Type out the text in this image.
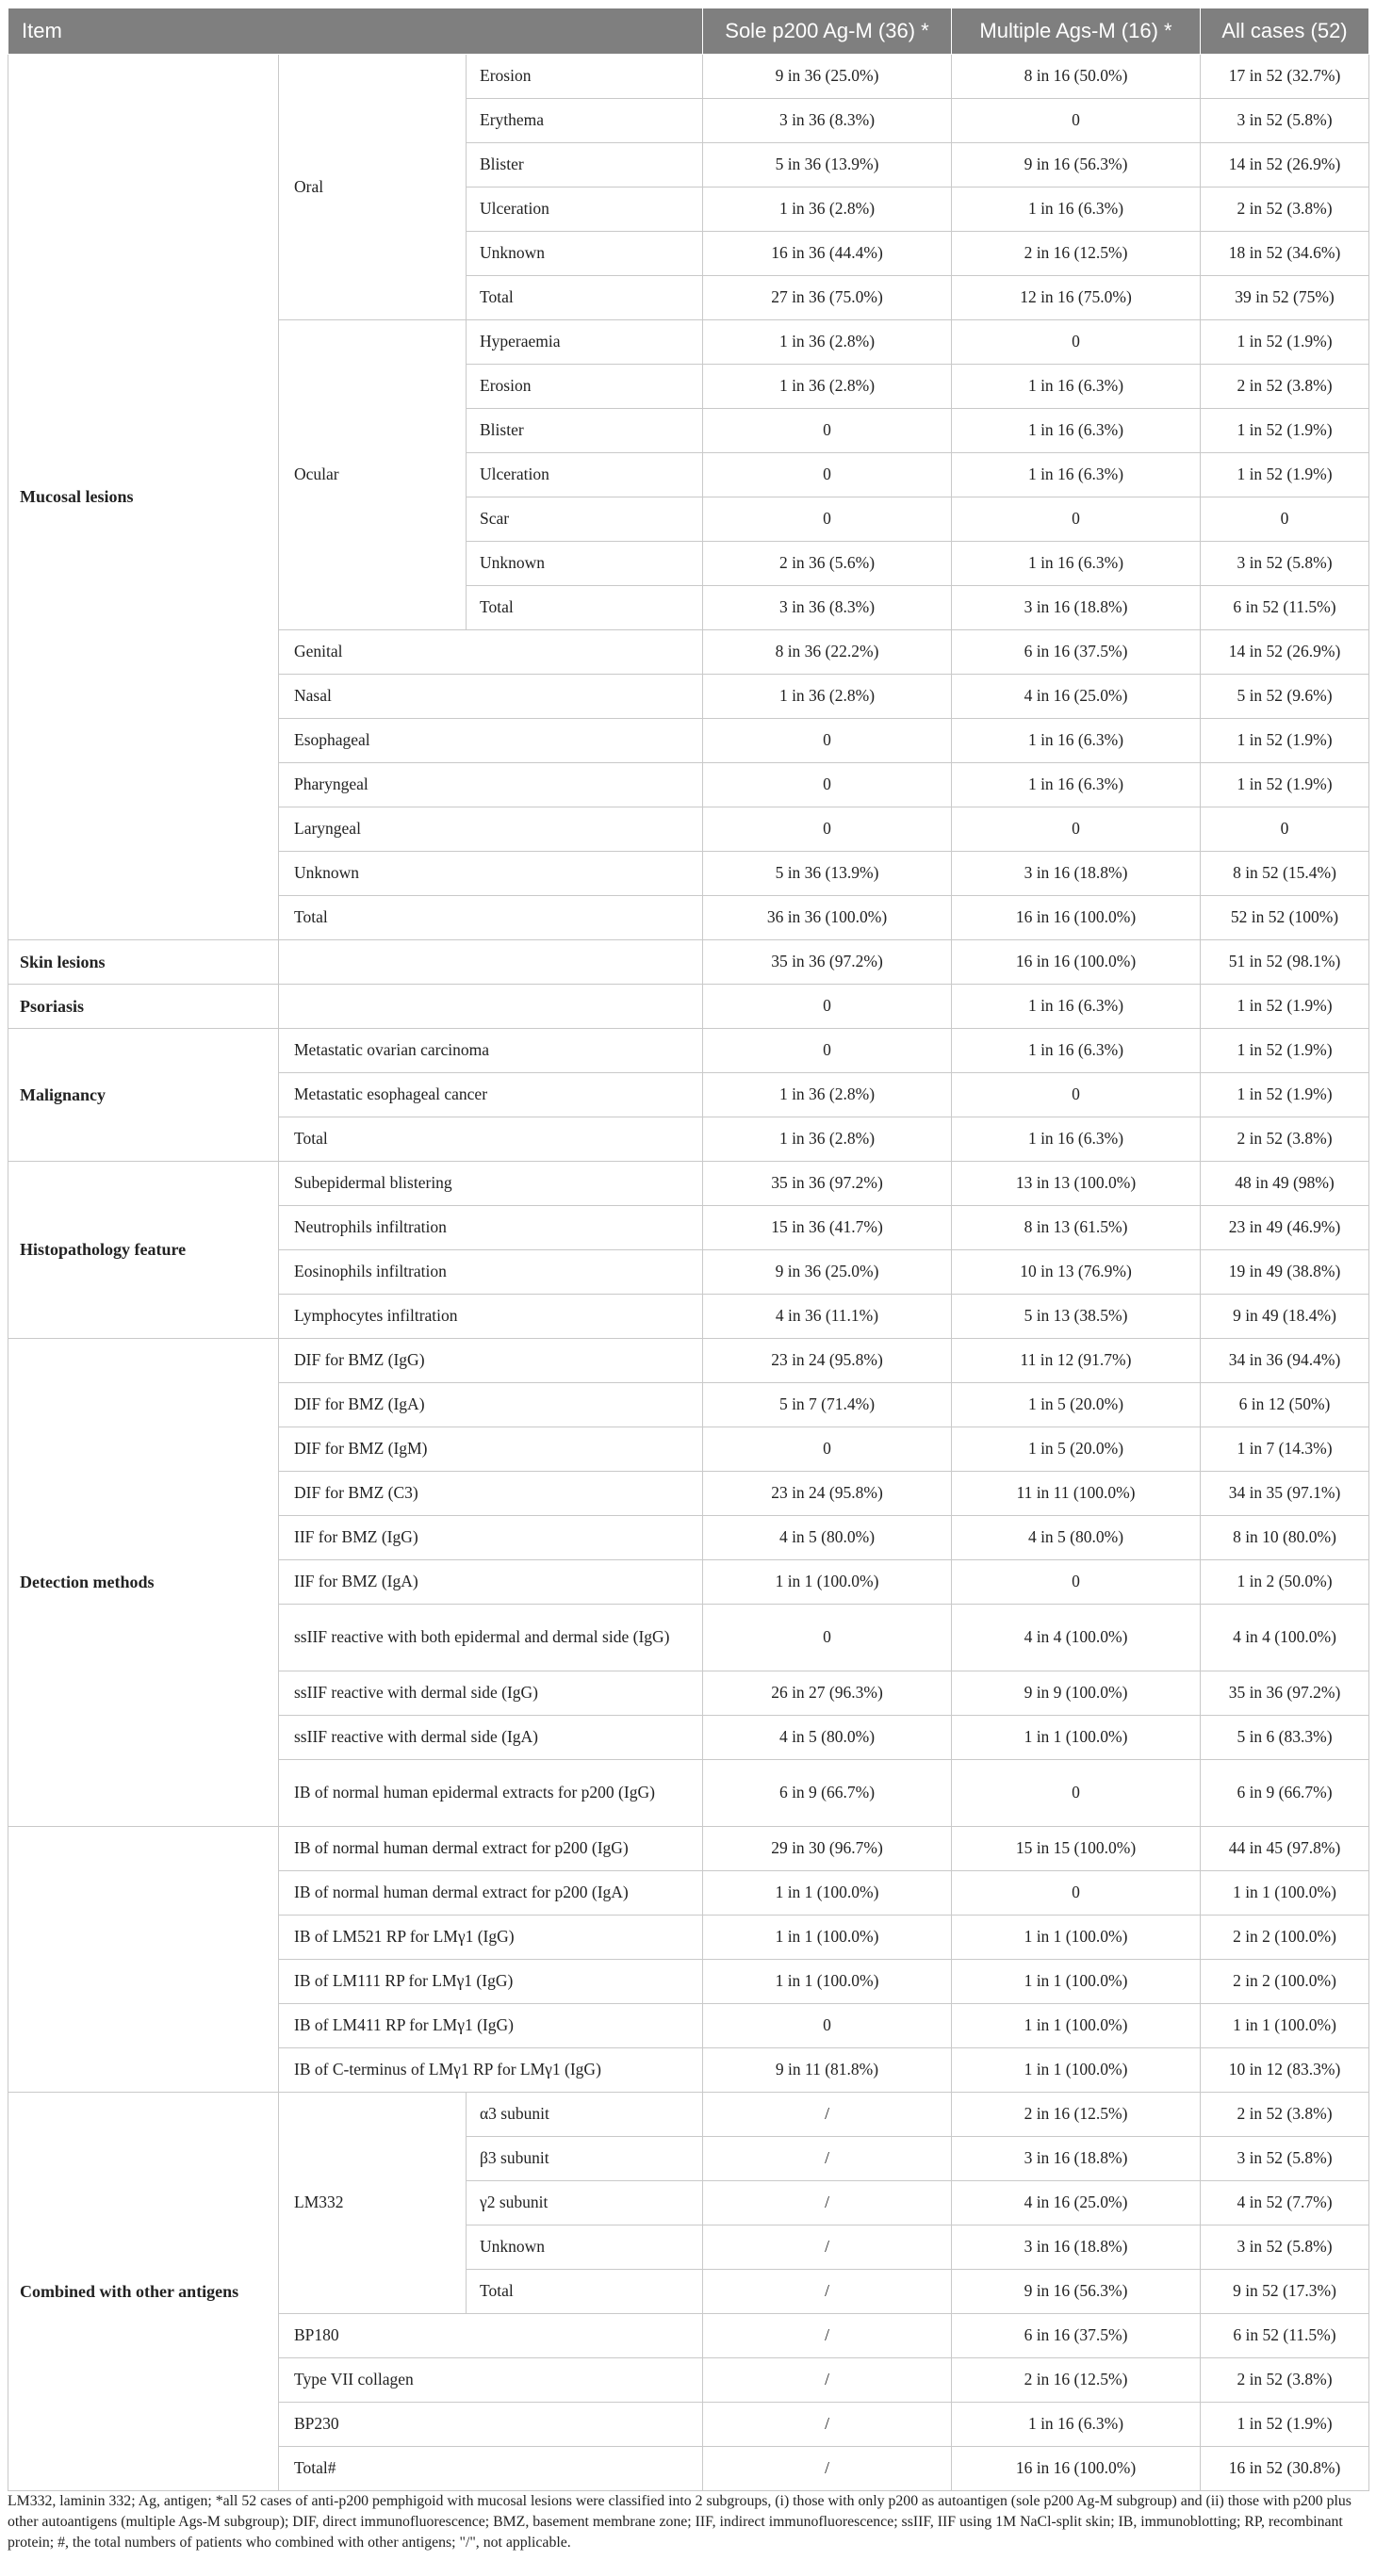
Item			Sole p200 Ag-M (36) *	Multiple Ags-M (16) *	All cases (52)
Mucosal lesions	Oral	Erosion	9 in 36 (25.0%)	8 in 16 (50.0%)	17 in 52 (32.7%)
		Erythema	3 in 36 (8.3%)	0	3 in 52 (5.8%)
		Blister	5 in 36 (13.9%)	9 in 16 (56.3%)	14 in 52 (26.9%)
		Ulceration	1 in 36 (2.8%)	1 in 16 (6.3%)	2 in 52 (3.8%)
		Unknown	16 in 36 (44.4%)	2 in 16 (12.5%)	18 in 52 (34.6%)
		Total	27 in 36 (75.0%)	12 in 16 (75.0%)	39 in 52 (75%)
	Ocular	Hyperaemia	1 in 36 (2.8%)	0	1 in 52 (1.9%)
		Erosion	1 in 36 (2.8%)	1 in 16 (6.3%)	2 in 52 (3.8%)
		Blister	0	1 in 16 (6.3%)	1 in 52 (1.9%)
		Ulceration	0	1 in 16 (6.3%)	1 in 52 (1.9%)
		Scar	0	0	0
		Unknown	2 in 36 (5.6%)	1 in 16 (6.3%)	3 in 52 (5.8%)
		Total	3 in 36 (8.3%)	3 in 16 (18.8%)	6 in 52 (11.5%)
	Genital		8 in 36 (22.2%)	6 in 16 (37.5%)	14 in 52 (26.9%)
	Nasal		1 in 36 (2.8%)	4 in 16 (25.0%)	5 in 52 (9.6%)
	Esophageal		0	1 in 16 (6.3%)	1 in 52 (1.9%)
	Pharyngeal		0	1 in 16 (6.3%)	1 in 52 (1.9%)
	Laryngeal		0	0	0
	Unknown		5 in 36 (13.9%)	3 in 16 (18.8%)	8 in 52 (15.4%)
	Total		36 in 36 (100.0%)	16 in 16 (100.0%)	52 in 52 (100%)
Skin lesions			35 in 36 (97.2%)	16 in 16 (100.0%)	51 in 52 (98.1%)
Psoriasis			0	1 in 16 (6.3%)	1 in 52 (1.9%)
Malignancy	Metastatic ovarian carcinoma		0	1 in 16 (6.3%)	1 in 52 (1.9%)
	Metastatic esophageal cancer		1 in 36 (2.8%)	0	1 in 52 (1.9%)
	Total		1 in 36 (2.8%)	1 in 16 (6.3%)	2 in 52 (3.8%)
Histopathology feature	Subepidermal blistering		35 in 36 (97.2%)	13 in 13 (100.0%)	48 in 49 (98%)
	Neutrophils infiltration		15 in 36 (41.7%)	8 in 13 (61.5%)	23 in 49 (46.9%)
	Eosinophils infiltration		9 in 36 (25.0%)	10 in 13 (76.9%)	19 in 49 (38.8%)
	Lymphocytes infiltration		4 in 36 (11.1%)	5 in 13 (38.5%)	9 in 49 (18.4%)
Detection methods	DIF for BMZ (IgG)		23 in 24 (95.8%)	11 in 12 (91.7%)	34 in 36 (94.4%)
	DIF for BMZ (IgA)		5 in 7 (71.4%)	1 in 5 (20.0%)	6 in 12 (50%)
	DIF for BMZ (IgM)		0	1 in 5 (20.0%)	1 in 7 (14.3%)
	DIF for BMZ (C3)		23 in 24 (95.8%)	11 in 11 (100.0%)	34 in 35 (97.1%)
	IIF for BMZ (IgG)		4 in 5 (80.0%)	4 in 5 (80.0%)	8 in 10 (80.0%)
	IIF for BMZ (IgA)		1 in 1 (100.0%)	0	1 in 2 (50.0%)
	ssIIF reactive with both epidermal and dermal side (IgG)		0	4 in 4 (100.0%)	4 in 4 (100.0%)
	ssIIF reactive with dermal side (IgG)		26 in 27 (96.3%)	9 in 9 (100.0%)	35 in 36 (97.2%)
	ssIIF reactive with dermal side (IgA)		4 in 5 (80.0%)	1 in 1 (100.0%)	5 in 6 (83.3%)
	IB of normal human epidermal extracts for p200 (IgG)		6 in 9 (66.7%)	0	6 in 9 (66.7%)
	IB of normal human dermal extract for p200 (IgG)		29 in 30 (96.7%)	15 in 15 (100.0%)	44 in 45 (97.8%)
	IB of normal human dermal extract for p200 (IgA)		1 in 1 (100.0%)	0	1 in 1 (100.0%)
	IB of LM521 RP for LMγ1 (IgG)		1 in 1 (100.0%)	1 in 1 (100.0%)	2 in 2 (100.0%)
	IB of LM111 RP for LMγ1 (IgG)		1 in 1 (100.0%)	1 in 1 (100.0%)	2 in 2 (100.0%)
	IB of LM411 RP for LMγ1 (IgG)		0	1 in 1 (100.0%)	1 in 1 (100.0%)
	IB of C-terminus of LMγ1 RP for LMγ1 (IgG)		9 in 11 (81.8%)	1 in 1 (100.0%)	10 in 12 (83.3%)
Combined with other antigens	LM332	α3 subunit	/	2 in 16 (12.5%)	2 in 52 (3.8%)
		β3 subunit	/	3 in 16 (18.8%)	3 in 52 (5.8%)
		γ2 subunit	/	4 in 16 (25.0%)	4 in 52 (7.7%)
		Unknown	/	3 in 16 (18.8%)	3 in 52 (5.8%)
		Total	/	9 in 16 (56.3%)	9 in 52 (17.3%)
	BP180		/	6 in 16 (37.5%)	6 in 52 (11.5%)
	Type VII collagen		/	2 in 16 (12.5%)	2 in 52 (3.8%)
	BP230		/	1 in 16 (6.3%)	1 in 52 (1.9%)
	Total#		/	16 in 16 (100.0%)	16 in 52 (30.8%)
LM332, laminin 332; Ag, antigen; *all 52 cases of anti-p200 pemphigoid with mucosal lesions were classified into 2 subgroups, (i) those with only p200 as autoantigen (sole p200 Ag-M subgroup) and (ii) those with p200 plus other autoantigens (multiple Ags-M subgroup); DIF, direct immunofluorescence; BMZ, basement membrane zone; IIF, indirect immunofluorescence; ssIIF, IIF using 1M NaCl-split skin; IB, immunoblotting; RP, recombinant protein; #, the total numbers of patients who combined with other antigens; "/", not applicable.
